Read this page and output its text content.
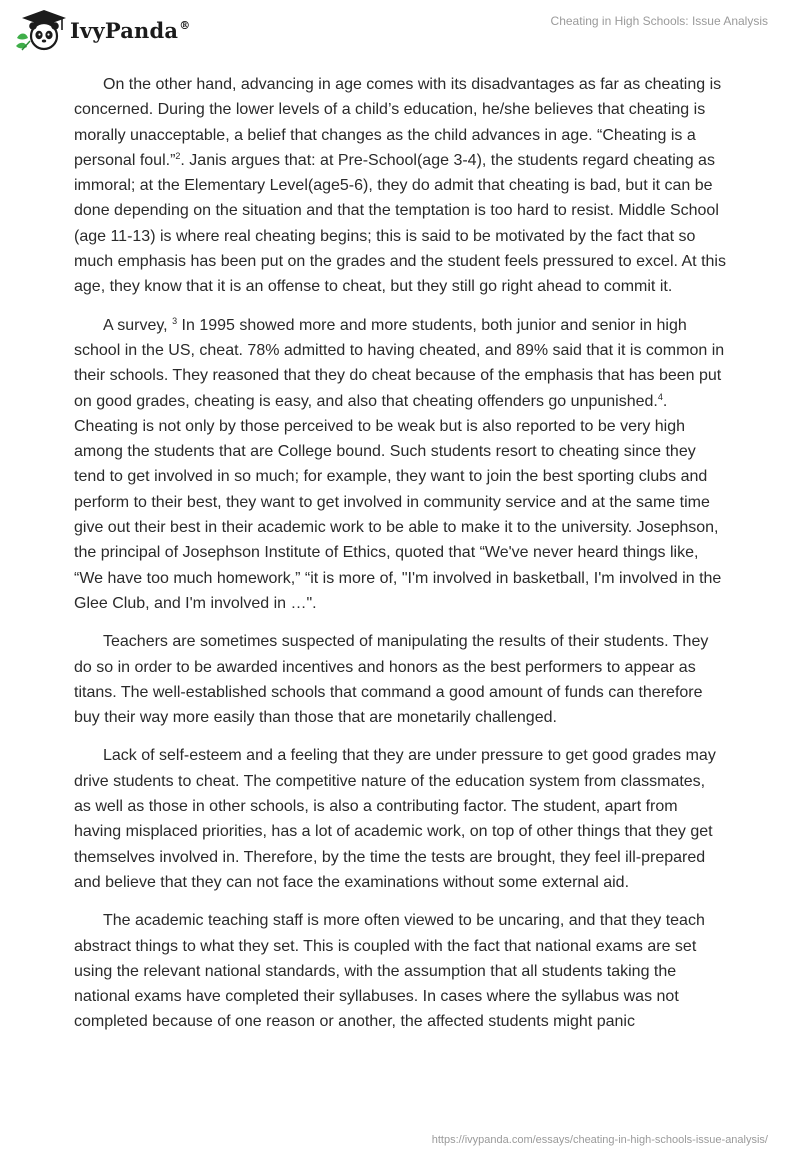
IvyPanda®	Cheating in High Schools: Issue Analysis

On the other hand, advancing in age comes with its disadvantages as far as cheating is concerned. During the lower levels of a child’s education, he/she believes that cheating is morally unacceptable, a belief that changes as the child advances in age. “Cheating is a personal foul.”$^2$. Janis argues that: at Pre-School(age 3-4), the students regard cheating as immoral; at the Elementary Level(age5-6), they do admit that cheating is bad, but it can be done depending on the situation and that the temptation is too hard to resist. Middle School (age 11-13) is where real cheating begins; this is said to be motivated by the fact that so much emphasis has been put on the grades and the student feels pressured to excel. At this age, they know that it is an offense to cheat, but they still go right ahead to commit it.

A survey, $^3$ In 1995 showed more and more students, both junior and senior in high school in the US, cheat. 78% admitted to having cheated, and 89% said that it is common in their schools. They reasoned that they do cheat because of the emphasis that has been put on good grades, cheating is easy, and also that cheating offenders go unpunished.$^4$. Cheating is not only by those perceived to be weak but is also reported to be very high among the students that are College bound. Such students resort to cheating since they tend to get involved in so much; for example, they want to join the best sporting clubs and perform to their best, they want to get involved in community service and at the same time give out their best in their academic work to be able to make it to the university. Josephson, the principal of Josephson Institute of Ethics, quoted that “We've never heard things like, “We have too much homework,” “it is more of, "I'm involved in basketball, I'm involved in the Glee Club, and I'm involved in …".

Teachers are sometimes suspected of manipulating the results of their students. They do so in order to be awarded incentives and honors as the best performers to appear as titans. The well-established schools that command a good amount of funds can therefore buy their way more easily than those that are monetarily challenged.

Lack of self-esteem and a feeling that they are under pressure to get good grades may drive students to cheat. The competitive nature of the education system from classmates, as well as those in other schools, is also a contributing factor. The student, apart from having misplaced priorities, has a lot of academic work, on top of other things that they get themselves involved in. Therefore, by the time the tests are brought, they feel ill-prepared and believe that they can not face the examinations without some external aid.

The academic teaching staff is more often viewed to be uncaring, and that they teach abstract things to what they set. This is coupled with the fact that national exams are set using the relevant national standards, with the assumption that all students taking the national exams have completed their syllabuses. In cases where the syllabus was not completed because of one reason or another, the affected students might panic

https://ivypanda.com/essays/cheating-in-high-schools-issue-analysis/
